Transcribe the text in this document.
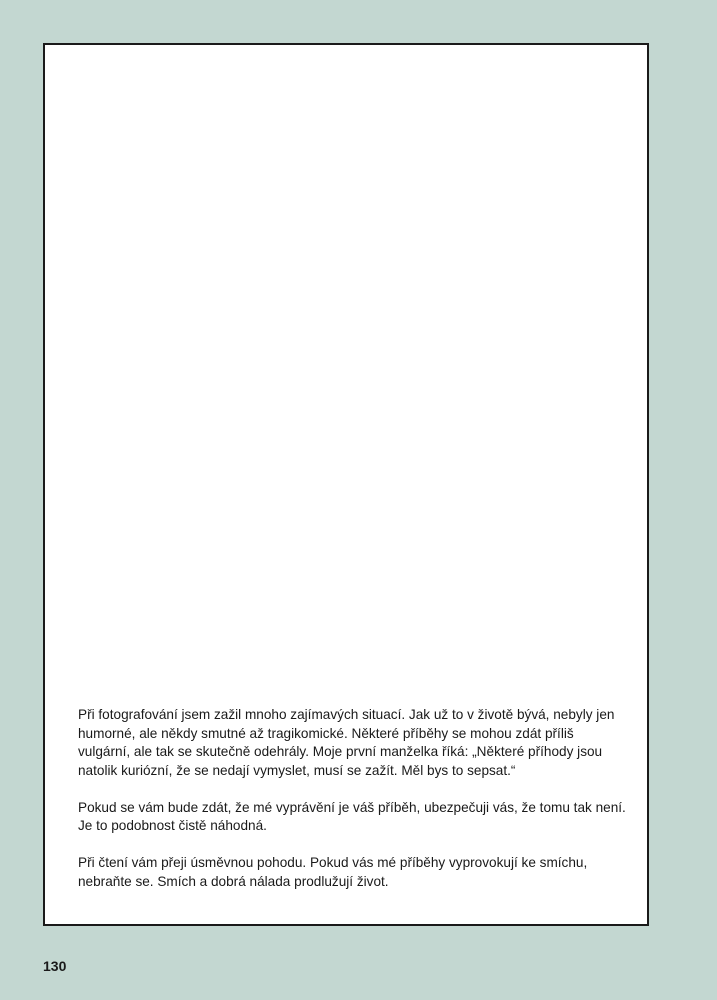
Při fotografování jsem zažil mnoho zajímavých situací. Jak už to v životě bývá, nebyly jen humorné, ale někdy smutné až tragikomické. Některé příběhy se mohou zdát příliš vulgární, ale tak se skutečně odehrály. Moje první manželka říká: „Některé příhody jsou natolik kuriózní, že se nedají vymyslet, musí se zažít. Měl bys to sepsat.“

Pokud se vám bude zdát, že mé vyprávění je váš příběh, ubezpečuji vás, že tomu tak není. Je to podobnost čistě náhodná.

Při čtení vám přeji úsměvnou pohodu. Pokud vás mé příběhy vyprovokují ke smíchu, nebraňte se. Smích a dobrá nálada prodlužují život.

130
